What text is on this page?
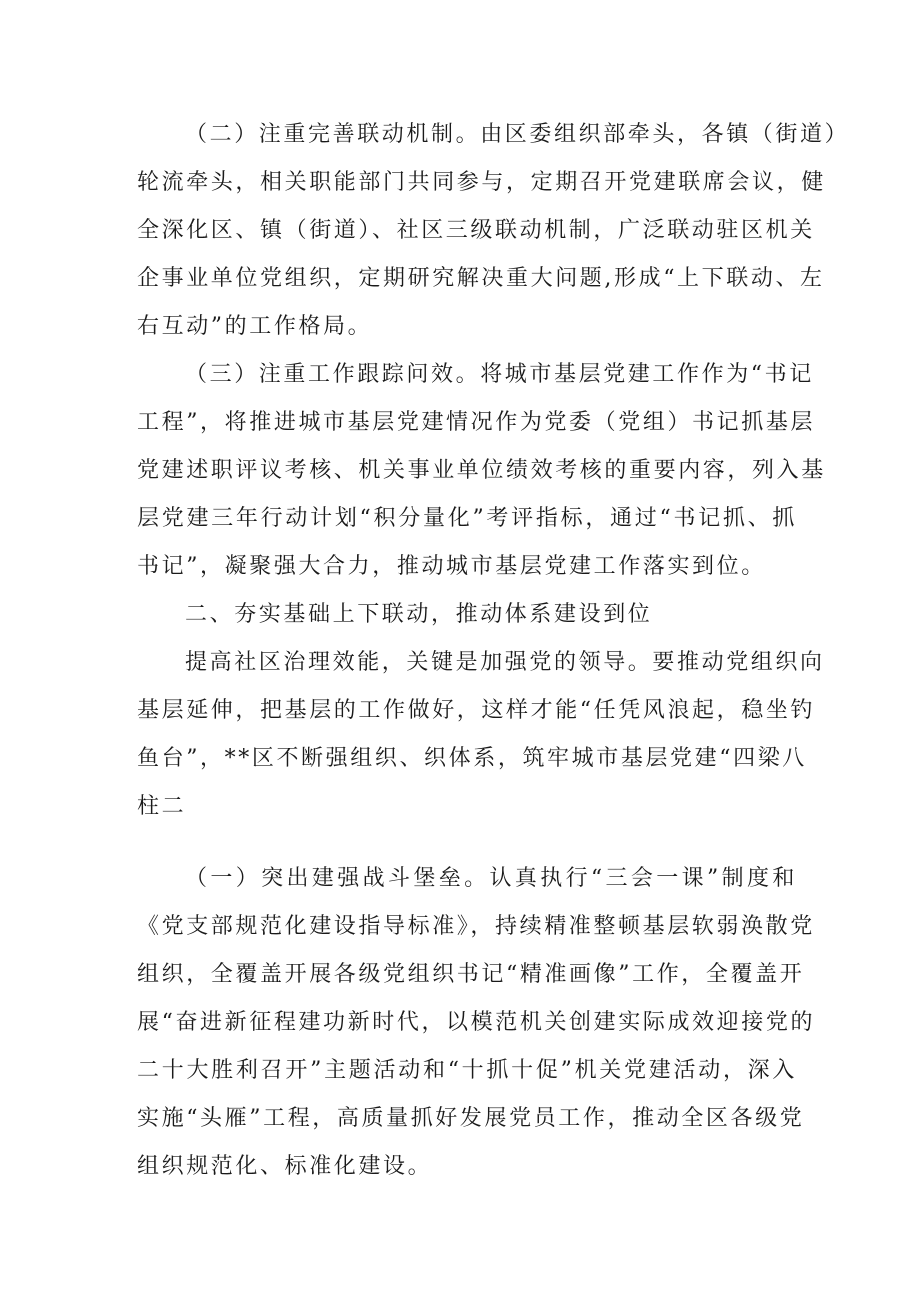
（二）注重完善联动机制。由区委组织部牵头，各镇（街道）
轮流牵头，相关职能部门共同参与，定期召开党建联席会议，健
全深化区、镇（街道）、社区三级联动机制，广泛联动驻区机关
企事业单位党组织，定期研究解决重大问题,形成“上下联动、左
右互动”的工作格局。
（三）注重工作跟踪问效。将城市基层党建工作作为“书记
工程”，将推进城市基层党建情况作为党委（党组）书记抓基层
党建述职评议考核、机关事业单位绩效考核的重要内容，列入基
层党建三年行动计划“积分量化”考评指标，通过“书记抓、抓
书记”，凝聚强大合力，推动城市基层党建工作落实到位。
二、夯实基础上下联动，推动体系建设到位
提高社区治理效能，关键是加强党的领导。要推动党组织向
基层延伸，把基层的工作做好，这样才能“任凭风浪起，稳坐钓
鱼台”，**区不断强组织、织体系，筑牢城市基层党建“四梁八
柱二
（一）突出建强战斗堡垒。认真执行“三会一课”制度和
《党支部规范化建设指导标准》，持续精准整顿基层软弱涣散党
组织，全覆盖开展各级党组织书记“精准画像”工作，全覆盖开
展“奋进新征程建功新时代，以模范机关创建实际成效迎接党的
二十大胜利召开”主题活动和“十抓十促”机关党建活动，深入
实施“头雁”工程，高质量抓好发展党员工作，推动全区各级党
组织规范化、标准化建设。
